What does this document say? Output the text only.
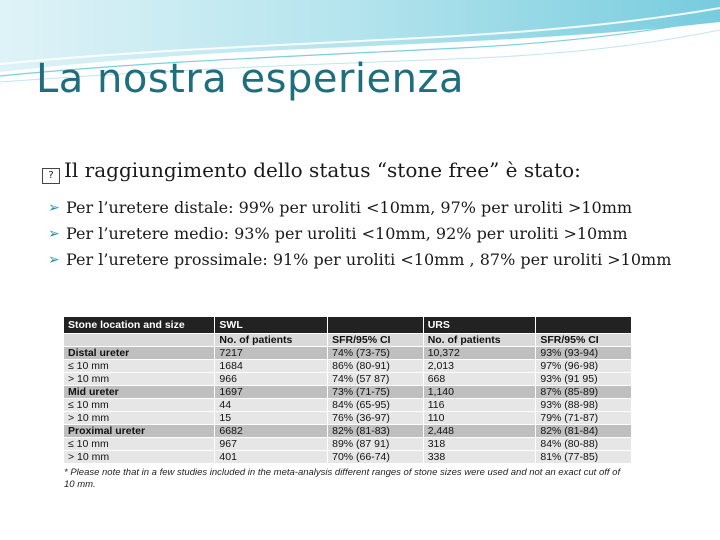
La nostra esperienza
? Il raggiungimento dello status “stone free” è stato:
➢ Per l’uretere distale: 99% per uroliti <10mm, 97% per uroliti >10mm
➢ Per l’uretere medio: 93% per uroliti <10mm, 92% per uroliti >10mm
➢ Per l’uretere prossimale: 91% per uroliti <10mm , 87% per uroliti >10mm
Stone location and size	SWL		URS	
	No. of patients	SFR/95% CI	No. of patients	SFR/95% CI
Distal ureter	7217	74% (73-75)	10,372	93% (93-94)
≤ 10 mm	1684	86% (80-91)	2,013	97% (96-98)
> 10 mm	966	74% (57 87)	668	93% (91 95)
Mid ureter	1697	73% (71-75)	1,140	87% (85-89)
≤ 10 mm	44	84% (65-95)	116	93% (88-98)
> 10 mm	15	76% (36-97)	110	79% (71-87)
Proximal ureter	6682	82% (81-83)	2,448	82% (81-84)
≤ 10 mm	967	89% (87 91)	318	84% (80-88)
> 10 mm	401	70% (66-74)	338	81% (77-85)
* Please note that in a few studies included in the meta-analysis different ranges of stone sizes were used and not an exact cut off of 10 mm.
